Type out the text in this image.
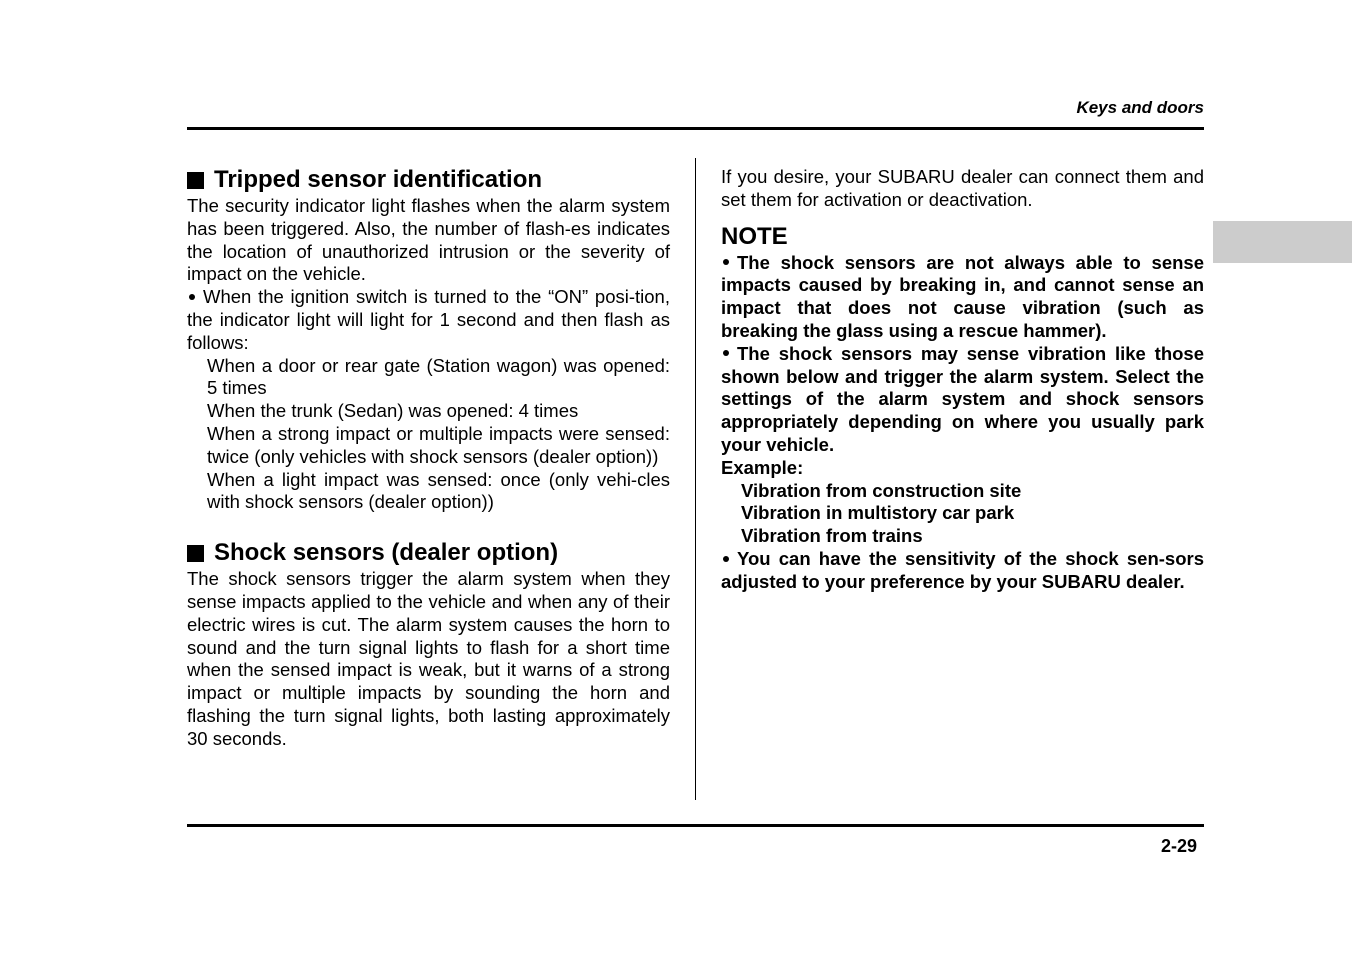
Keys and doors
Tripped sensor identification

The security indicator light flashes when the alarm system has been triggered. Also, the number of flash-es indicates the location of unauthorized intrusion or the severity of impact on the vehicle.

When the ignition switch is turned to the “ON” posi-tion, the indicator light will light for 1 second and then flash as follows:

When a door or rear gate (Station wagon) was opened: 5 times

When the trunk (Sedan) was opened: 4 times

When a strong impact or multiple impacts were sensed: twice (only vehicles with shock sensors (dealer option))

When a light impact was sensed: once (only vehi-cles with shock sensors (dealer option))

Shock sensors (dealer option)

The shock sensors trigger the alarm system when they sense impacts applied to the vehicle and when any of their electric wires is cut. The alarm system causes the horn to sound and the turn signal lights to flash for a short time when the sensed impact is weak, but it warns of a strong impact or multiple impacts by sounding the horn and flashing the turn signal lights, both lasting approximately 30 seconds.

If you desire, your SUBARU dealer can connect them and set them for activation or deactivation.

NOTE

The shock sensors are not always able to sense impacts caused by breaking in, and cannot sense an impact that does not cause vibration (such as breaking the glass using a rescue hammer).

The shock sensors may sense vibration like those shown below and trigger the alarm system. Select the settings of the alarm system and shock sensors appropriately depending on where you usually park your vehicle.

Example:

Vibration from construction site
Vibration in multistory car park
Vibration from trains

You can have the sensitivity of the shock sen-sors adjusted to your preference by your SUBARU dealer.

2-29
